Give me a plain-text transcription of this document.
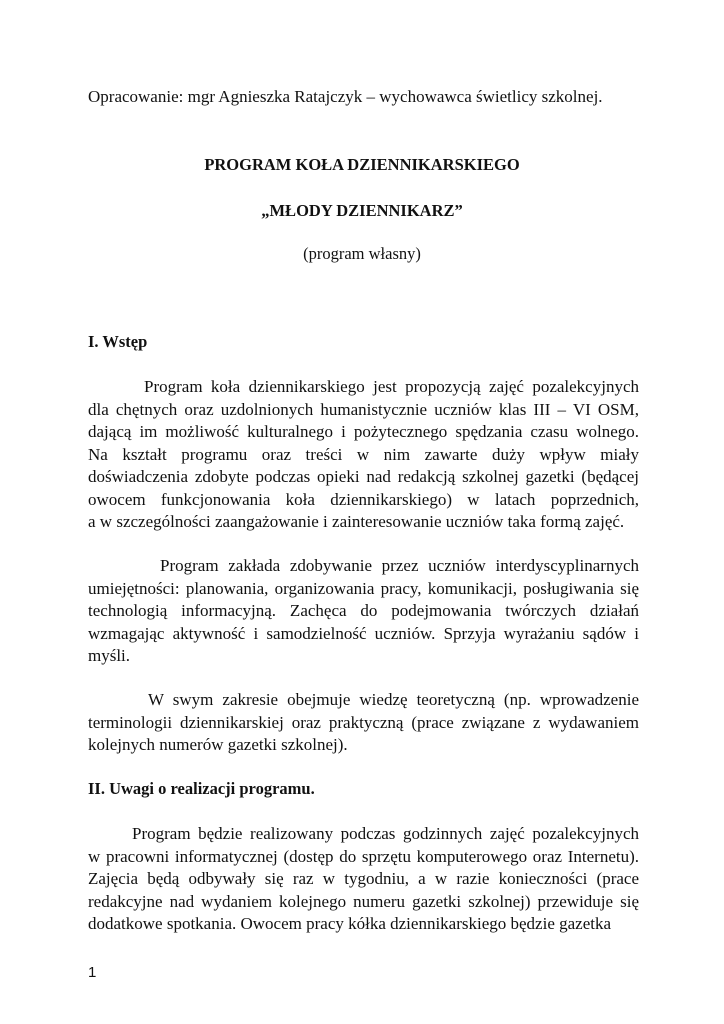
Opracowanie: mgr Agnieszka Ratajczyk – wychowawca świetlicy szkolnej.
PROGRAM KOŁA DZIENNIKARSKIEGO
„MŁODY DZIENNIKARZ”
(program własny)
I. Wstęp
II. Uwagi o realizacji programu.
Program koła dziennikarskiego jest propozycją zajęć pozalekcyjnych
dla chętnych oraz uzdolnionych humanistycznie uczniów klas III – VI OSM,
dającą im możliwość kulturalnego i pożytecznego spędzania czasu wolnego.
Na kształt programu oraz treści w nim zawarte duży wpływ miały
doświadczenia zdobyte podczas opieki nad redakcją szkolnej gazetki (będącej
owocem funkcjonowania koła dziennikarskiego) w latach poprzednich,
a w szczególności zaangażowanie i zainteresowanie uczniów taka formą zajęć.
Program zakłada zdobywanie przez uczniów interdyscyplinarnych
umiejętności: planowania, organizowania pracy, komunikacji, posługiwania się
technologią informacyjną. Zachęca do podejmowania twórczych działań
wzmagając aktywność i samodzielność uczniów. Sprzyja wyrażaniu sądów i
myśli.
W swym zakresie obejmuje wiedzę teoretyczną (np. wprowadzenie
terminologii dziennikarskiej oraz praktyczną (prace związane z wydawaniem
kolejnych numerów gazetki szkolnej).
Program będzie realizowany podczas godzinnych zajęć pozalekcyjnych
w pracowni informatycznej (dostęp do sprzętu komputerowego oraz Internetu).
Zajęcia będą odbywały się raz w tygodniu, a w razie konieczności (prace
redakcyjne nad wydaniem kolejnego numeru gazetki szkolnej) przewiduje się
dodatkowe spotkania. Owocem pracy kółka dziennikarskiego będzie gazetka
1
